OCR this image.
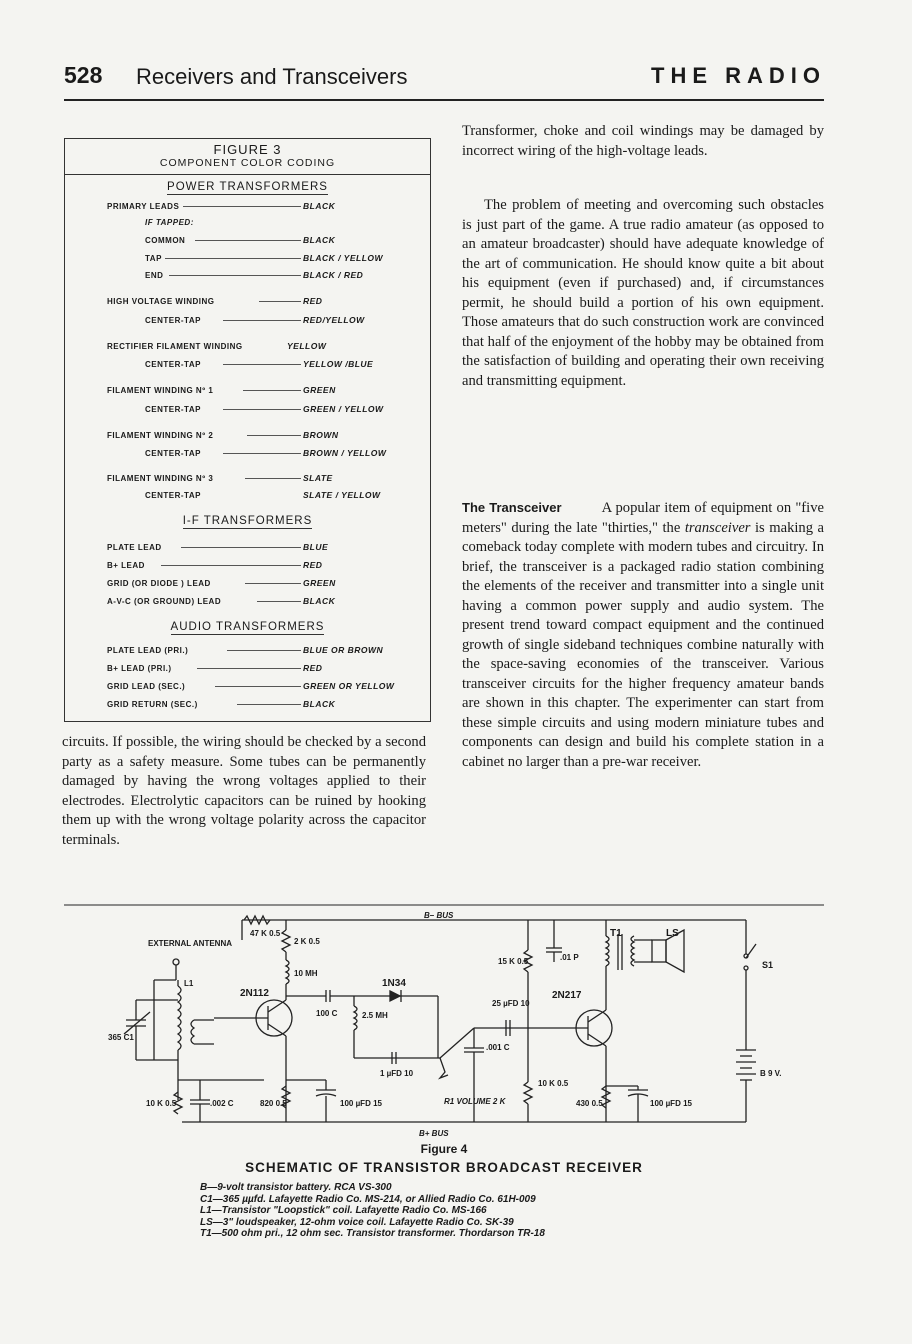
528 Receivers and Transceivers	THE RADIO
FIGURE 3
COMPONENT COLOR CODING
POWER TRANSFORMERS
PRIMARY LEADS	BLACK
IF TAPPED:
COMMON	BLACK
TAP	BLACK / YELLOW
END	BLACK / RED
HIGH VOLTAGE WINDING	RED
CENTER-TAP	RED/YELLOW
RECTIFIER FILAMENT WINDING	YELLOW
CENTER-TAP	YELLOW /BLUE
FILAMENT WINDING Nº 1	GREEN
CENTER-TAP	GREEN / YELLOW
FILAMENT WINDING Nº 2	BROWN
CENTER-TAP	BROWN / YELLOW
FILAMENT WINDING Nº 3	SLATE
CENTER-TAP	SLATE / YELLOW
I-F TRANSFORMERS
PLATE LEAD	BLUE
B+ LEAD	RED
GRID (OR DIODE ) LEAD	GREEN
A-V-C (OR GROUND) LEAD	BLACK
AUDIO TRANSFORMERS
PLATE LEAD (PRI.)	BLUE OR BROWN
B+ LEAD (PRI.)	RED
GRID LEAD (SEC.)	GREEN OR YELLOW
GRID RETURN (SEC.)	BLACK

circuits. If possible, the wiring should be checked by a second party as a safety measure. Some tubes can be permanently damaged by having the wrong voltages applied to their electrodes. Electrolytic capacitors can be ruined by hooking them up with the wrong voltage polarity across the capacitor terminals.

Transformer, choke and coil windings may be damaged by incorrect wiring of the high-voltage leads.

The problem of meeting and overcoming such obstacles is just part of the game. A true radio amateur (as opposed to an amateur broadcaster) should have adequate knowledge of the art of communication. He should know quite a bit about his equipment (even if purchased) and, if circumstances permit, he should build a portion of his own equipment. Those amateurs that do such construction work are convinced that half of the enjoyment of the hobby may be obtained from the satisfaction of building and operating their own receiving and transmitting equipment.

The Transceiver	A popular item of equipment on "five meters" during the late "thirties," the transceiver is making a comeback today complete with modern tubes and circuitry. In brief, the transceiver is a packaged radio station combining the elements of the receiver and transmitter into a single unit having a common power supply and audio system. The present trend toward compact equipment and the continued growth of single sideband techniques combine naturally with the space-saving economies of the transceiver. Various transceiver circuits for the higher frequency amateur bands are shown in this chapter. The experimenter can start from these simple circuits and using modern miniature tubes and components can design and build his complete station in a cabinet no larger than a pre-war receiver.

B– BUS
B+ BUS
EXTERNAL ANTENNA
L1
365 C1
47 K 0.5
2 K 0.5
2N112
10 MH
1N34
100 C	2.5 MH
1 µFD 10
.001 C
R1 VOLUME 2 K
10 K 0.5	.002 C	820 0.5	100 µFD 15
15 K 0.5	.01 P
25 µFD 10
2N217
10 K 0.5
430 0.5	100 µFD 15
T1	LS
S1
B 9 V.
Figure 4
SCHEMATIC OF TRANSISTOR BROADCAST RECEIVER
B—9-volt transistor battery. RCA VS-300
C1—365 µµfd. Lafayette Radio Co. MS-214, or Allied Radio Co. 61H-009
L1—Transistor "Loopstick" coil. Lafayette Radio Co. MS-166
LS—3" loudspeaker, 12-ohm voice coil. Lafayette Radio Co. SK-39
T1—500 ohm pri., 12 ohm sec. Transistor transformer. Thordarson TR-18
